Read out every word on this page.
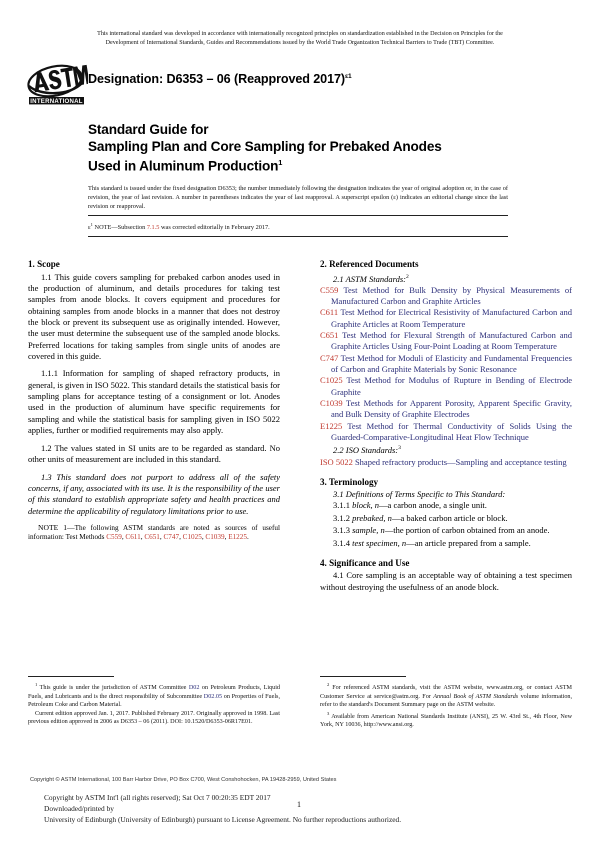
This international standard was developed in accordance with internationally recognized principles on standardization established in the Decision on Principles for the
Development of International Standards, Guides and Recommendations issued by the World Trade Organization Technical Barriers to Trade (TBT) Committee.
INTERNATIONAL
Designation: D6353 – 06 (Reapproved 2017)$^{\varepsilon 1}$
Standard Guide for
Sampling Plan and Core Sampling for Prebaked Anodes
Used in Aluminum Production$^1$

This standard is issued under the fixed designation D6353; the number immediately following the designation indicates the year of original adoption or, in the case of revision, the year of last revision. A number in parentheses indicates the year of last reapproval. A superscript epsilon (ε) indicates an editorial change since the last revision or reapproval.

$\varepsilon^1$ NOTE—Subsection 7.1.5 was corrected editorially in February 2017.
1. Scope

1.1 This guide covers sampling for prebaked carbon anodes used in the production of aluminum, and details procedures for taking test samples from anode blocks. It covers equipment and procedures for obtaining samples from anode blocks in a manner that does not destroy the block or prevent its subsequent use as originally intended. However, the user must determine the subsequent use of the sampled anode blocks. Preferred locations for taking samples from single units of anodes are covered in this guide.

1.1.1 Information for sampling of shaped refractory products, in general, is given in ISO 5022. This standard details the statistical basis for sampling plans for acceptance testing of a consignment or lot. Anodes used in the production of aluminum have specific requirements for sampling and while the statistical basis for sampling given in ISO 5022 applies, further or modified requirements may also apply.

1.2 The values stated in SI units are to be regarded as standard. No other units of measurement are included in this standard.

1.3 This standard does not purport to address all of the safety concerns, if any, associated with its use. It is the responsibility of the user of this standard to establish appropriate safety and health practices and determine the applicability of regulatory limitations prior to use.

NOTE 1—The following ASTM standards are noted as sources of useful information: Test Methods C559, C611, C651, C747, C1025, C1039, E1225.

2. Referenced Documents

2.1 ASTM Standards:$^2$

C559 Test Method for Bulk Density by Physical Measurements of Manufactured Carbon and Graphite Articles

C611 Test Method for Electrical Resistivity of Manufactured Carbon and Graphite Articles at Room Temperature

C651 Test Method for Flexural Strength of Manufactured Carbon and Graphite Articles Using Four-Point Loading at Room Temperature

C747 Test Method for Moduli of Elasticity and Fundamental Frequencies of Carbon and Graphite Materials by Sonic Resonance

C1025 Test Method for Modulus of Rupture in Bending of Electrode Graphite

C1039 Test Methods for Apparent Porosity, Apparent Specific Gravity, and Bulk Density of Graphite Electrodes

E1225 Test Method for Thermal Conductivity of Solids Using the Guarded-Comparative-Longitudinal Heat Flow Technique

2.2 ISO Standards:$^3$

ISO 5022 Shaped refractory products—Sampling and acceptance testing

3. Terminology

3.1 Definitions of Terms Specific to This Standard:

3.1.1 block, n—a carbon anode, a single unit.

3.1.2 prebaked, n—a baked carbon article or block.

3.1.3 sample, n—the portion of carbon obtained from an anode.

3.1.4 test specimen, n—an article prepared from a sample.

4. Significance and Use

4.1 Core sampling is an acceptable way of obtaining a test specimen without destroying the usefulness of an anode block.

$^1$ This guide is under the jurisdiction of ASTM Committee D02 on Petroleum Products, Liquid Fuels, and Lubricants and is the direct responsibility of Subcommittee D02.05 on Properties of Fuels, Petroleum Coke and Carbon Material.

Current edition approved Jan. 1, 2017. Published February 2017. Originally approved in 1998. Last previous edition approved in 2006 as D6353 – 06 (2011). DOI: 10.1520/D6353-06R17E01.

$^2$ For referenced ASTM standards, visit the ASTM website, www.astm.org, or contact ASTM Customer Service at service@astm.org. For Annual Book of ASTM Standards volume information, refer to the standard's Document Summary page on the ASTM website.

$^3$ Available from American National Standards Institute (ANSI), 25 W. 43rd St., 4th Floor, New York, NY 10036, http://www.ansi.org.

Copyright © ASTM International, 100 Barr Harbor Drive, PO Box C700, West Conshohocken, PA 19428-2959, United States
Copyright by ASTM Int'l (all rights reserved); Sat Oct 7 00:20:35 EDT 2017
Downloaded/printed by
University of Edinburgh (University of Edinburgh) pursuant to License Agreement. No further reproductions authorized.
1
